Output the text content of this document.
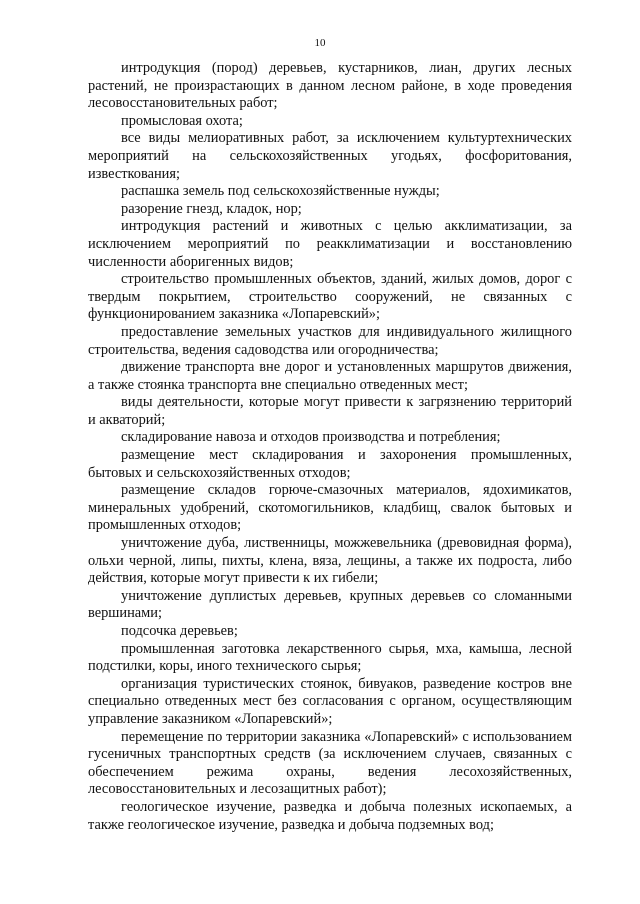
10

интродукция (пород) деревьев, кустарников, лиан, других лесных растений, не произрастающих в данном лесном районе, в ходе проведения лесовосстановительных работ;

промысловая охота;

все виды мелиоративных работ, за исключением культуртехнических мероприятий на сельскохозяйственных угодьях, фосфоритования, известкования;

распашка земель под сельскохозяйственные нужды;

разорение гнезд, кладок, нор;

интродукция растений и животных с целью акклиматизации, за исключением мероприятий по реакклиматизации и восстановлению численности аборигенных видов;

строительство промышленных объектов, зданий, жилых домов, дорог с твердым покрытием, строительство сооружений, не связанных с функционированием заказника «Лопаревский»;

предоставление земельных участков для индивидуального жилищного строительства, ведения садоводства или огородничества;

движение транспорта вне дорог и установленных маршрутов движения, а также стоянка транспорта вне специально отведенных мест;

виды деятельности, которые могут привести к загрязнению территорий и акваторий;

складирование навоза и отходов производства и потребления;

размещение мест складирования и захоронения промышленных, бытовых и сельскохозяйственных отходов;

размещение складов горюче-смазочных материалов, ядохимикатов, минеральных удобрений, скотомогильников, кладбищ, свалок бытовых и промышленных отходов;

уничтожение дуба, лиственницы, можжевельника (древовидная форма), ольхи черной, липы, пихты, клена, вяза, лещины, а также их подроста, либо действия, которые могут привести к их гибели;

уничтожение дуплистых деревьев, крупных деревьев со сломанными вершинами;

подсочка деревьев;

промышленная заготовка лекарственного сырья, мха, камыша, лесной подстилки, коры, иного технического сырья;

организация туристических стоянок, бивуаков, разведение костров вне специально отведенных мест без согласования с органом, осуществляющим управление заказником «Лопаревский»;

перемещение по территории заказника «Лопаревский» с использованием гусеничных транспортных средств (за исключением случаев, связанных с обеспечением режима охраны, ведения лесохозяйственных, лесовосстановительных и лесозащитных работ);

геологическое изучение, разведка и добыча полезных ископаемых, а также геологическое изучение, разведка и добыча подземных вод;
